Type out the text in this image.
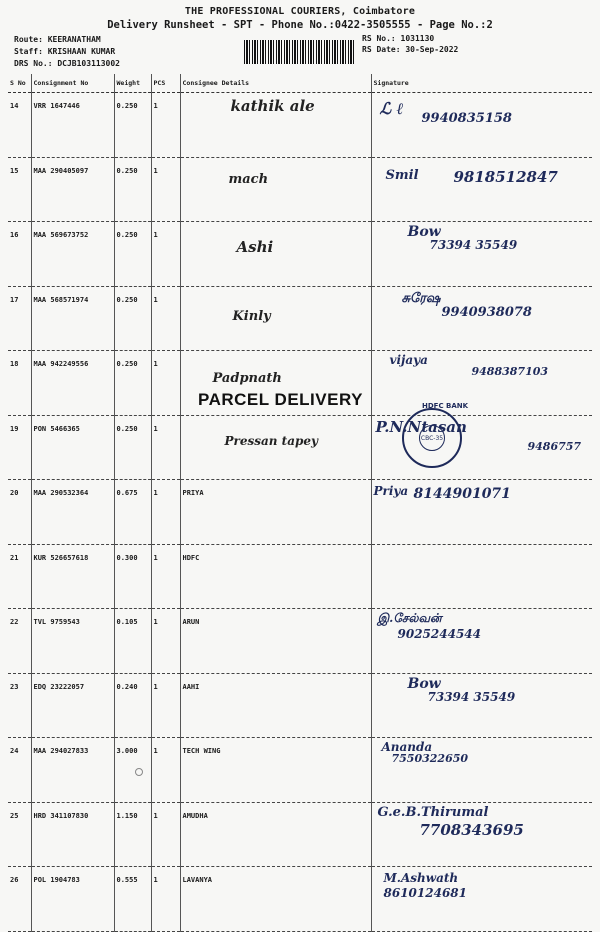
THE PROFESSIONAL COURIERS, Coimbatore
Delivery Runsheet - SPT - Phone No.:0422-3505555 - Page No.:2
Route: KEERANATHAM
Staff: KRISHAAN KUMAR
DRS No.: DCJB103113002
RS No.: 1031130
RS Date: 30-Sep-2022
S No	Consignment No	Weight	PCS	Consignee Details	Signature
14	VRR 1647446	0.250	1	kathik ale	ℒ ℓ
9940835158

15	MAA 290405097	0.250	1	mach	Smil 9818512847

16	MAA 569673752	0.250	1	Ashi	Bow
73394 35549

17	MAA 568571974	0.250	1	Kinly	சுரேஷ
9940938078

18	MAA 942249556	0.250	1	Padpnath	vijaya
9488387103

19	PON 5466365	0.250	1	Pressan tapey	P.N.Ntasan
9486757

20	MAA 290532364	0.675	1	PRIYA	Priya 8144901071

21	KUR 526657618	0.300	1	HDFC	
22	TVL 9759543	0.105	1	ARUN	இ.சேல்வன்
9025244544

23	EDQ 23222057	0.240	1	AAHI	Bow
73394 35549

24	MAA 294027833	3.000	1	TECH WING	Ananda
7550322650

25	HRD 341107830	1.150	1	AMUDHA	G.e.B.Thirumal
7708343695

26	POL 1904783	0.555	1	LAVANYA	M.Ashwath 8610124681
PARCEL DELIVERY
CBC-35
HDFC BANK
